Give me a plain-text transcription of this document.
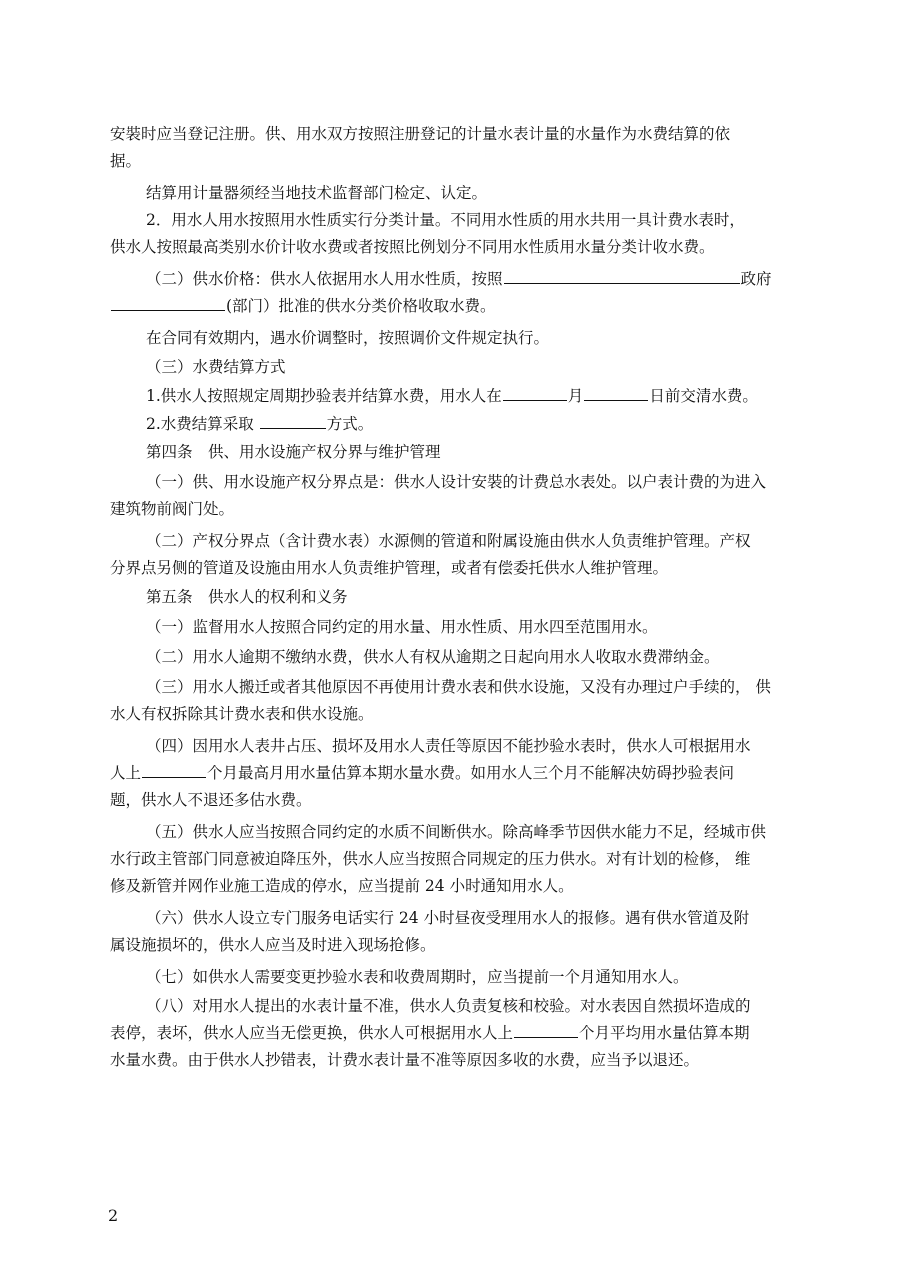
安裝时应当登记注册。供、用水双方按照注册登记的计量水表计量的水量作为水费结算的依

据。

结算用计量器须经当地技术监督部门检定、认定。

2．用水人用水按照用水性质实行分类计量。不同用水性质的用水共用一具计费水表时，

供水人按照最高类别水价计收水费或者按照比例划分不同用水性质用水量分类计收水费。

（二）供水价格：供水人依据用水人用水性质，按照	政府

(部门）批准的供水分类价格收取水费。

在合同有效期内，遇水价调整时，按照调价文件规定执行。

（三）水费结算方式

1.供水人按照规定周期抄验表并结算水费，用水人在	月	日前交清水费。

2.水费结算采取	方式。

第四条　供、用水设施产权分界与维护管理

（一）供、用水设施产权分界点是：供水人设计安裝的计费总水表处。以户表计费的为进入

建筑物前阀门处。

（二）产权分界点（含计费水表）水源侧的管道和附属设施由供水人负责维护管理。产权

分界点另侧的管道及设施由用水人负责维护管理，或者有偿委托供水人维护管理。

第五条　供水人的权利和义务

（一）监督用水人按照合同约定的用水量、用水性质、用水四至范围用水。

（二）用水人逾期不缴纳水费，供水人有权从逾期之日起向用水人收取水费滞纳金。

（三）用水人搬迁或者其他原因不再使用计费水表和供水设施，又没有办理过户手续的， 供

水人有权拆除其计费水表和供水设施。

（四）因用水人表井占压、损坏及用水人责任等原因不能抄验水表时，供水人可根据用水

人上	个月最高月用水量估算本期水量水费。如用水人三个月不能解决妨碍抄验表问

题，供水人不退还多估水费。

（五）供水人应当按照合同约定的水质不间断供水。除高峰季节因供水能力不足，经城市供

水行政主管部门同意被迫降压外，供水人应当按照合同规定的压力供水。对有计划的检修， 维

修及新管并网作业施工造成的停水，应当提前 24 小时通知用水人。

（六）供水人设立专门服务电话实行 24 小时昼夜受理用水人的报修。遇有供水管道及附

属设施损坏的，供水人应当及时进入现场抢修。

（七）如供水人需要变更抄验水表和收费周期时，应当提前一个月通知用水人。

（八）对用水人提出的水表计量不准，供水人负责复核和校验。对水表因自然损坏造成的

表停，表坏，供水人应当无偿更换，供水人可根据用水人上	个月平均用水量估算本期

水量水费。由于供水人抄错表，计费水表计量不准等原因多收的水费，应当予以退还。

2
